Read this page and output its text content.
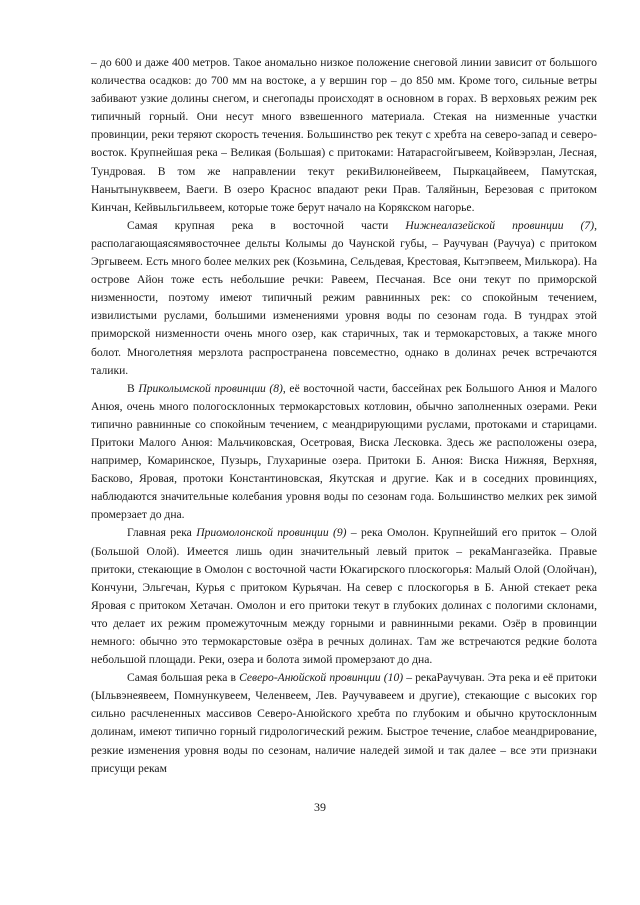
– до 600 и даже 400 метров. Такое аномально низкое положение снеговой линии зависит от большого количества осадков: до 700 мм на востоке, а у вершин гор – до 850 мм. Кроме того, сильные ветры забивают узкие долины снегом, и снегопады происходят в основном в горах. В верховьях режим рек типичный горный. Они несут много взвешенного материала. Стекая на низменные участки провинции, реки теряют скорость течения. Большинство рек текут с хребта на северо-запад и северо-восток. Крупнейшая река – Великая (Большая) с притоками: Натарасгойгывеем, Койвэрэлан, Лесная, Тундровая. В том же направлении текут рекиВилюнейвеем, Пыркацайвеем, Памутская, Нанытынукввеем, Ваеги. В озеро Краснос впадают реки Прав. Таляйнын, Березовая с притоком Кинчан, Кейвыльгильвеем, которые тоже берут начало на Корякском нагорье.

Самая крупная река в восточной части Нижнеалазейской провинции (7), располагающаясямявосточнее дельты Колымы до Чаунской губы, – Раучуван (Раучуа) с притоком Эргывеем. Есть много более мелких рек (Козьмина, Сельдевая, Крестовая, Кытэпвеем, Милькора). На острове Айон тоже есть небольшие речки: Равеем, Песчаная. Все они текут по приморской низменности, поэтому имеют типичный режим равнинных рек: со спокойным течением, извилистыми руслами, большими изменениями уровня воды по сезонам года. В тундрах этой приморской низменности очень много озер, как старичных, так и термокарстовых, а также много болот. Многолетняя мерзлота распространена повсеместно, однако в долинах речек встречаются талики.

В Приколымской провинции (8), её восточной части, бассейнах рек Большого Анюя и Малого Анюя, очень много пологосклонных термокарстовых котловин, обычно заполненных озерами. Реки типично равнинные со спокойным течением, с меандрирующими руслами, протоками и старицами. Притоки Малого Анюя: Мальчиковская, Осетровая, Виска Лесковка. Здесь же расположены озера, например, Комаринское, Пузырь, Глухариные озера. Притоки Б. Анюя: Виска Нижняя, Верхняя, Басково, Яровая, протоки Константиновская, Якутская и другие. Как и в соседних провинциях, наблюдаются значительные колебания уровня воды по сезонам года. Большинство мелких рек зимой промерзает до дна.

Главная река Приомолонской провинции (9) – река Омолон. Крупнейший его приток – Олой (Большой Олой). Имеется лишь один значительный левый приток – рекаМангазейка. Правые притоки, стекающие в Омолон с восточной части Юкагирского плоскогорья: Малый Олой (Олойчан), Кончуни, Эльгечан, Курья с притоком Курьячан. На север с плоскогорья в Б. Анюй стекает река Яровая с притоком Хетачан. Омолон и его притоки текут в глубоких долинах с пологими склонами, что делает их режим промежуточным между горными и равнинными реками. Озёр в провинции немного: обычно это термокарстовые озёра в речных долинах. Там же встречаются редкие болота небольшой площади. Реки, озера и болота зимой промерзают до дна.

Самая большая река в Северо-Анюйской провинции (10) – рекаРаучуван. Эта река и её притоки (Ыльвэнеявеем, Помнункувеем, Челенвеем, Лев. Раучувавеем и другие), стекающие с высоких гор сильно расчлененных массивов Северо-Анюйского хребта по глубоким и обычно крутосклонным долинам, имеют типично горный гидрологический режим. Быстрое течение, слабое меандрирование, резкие изменения уровня воды по сезонам, наличие наледей зимой и так далее – все эти признаки присущи рекам

39
